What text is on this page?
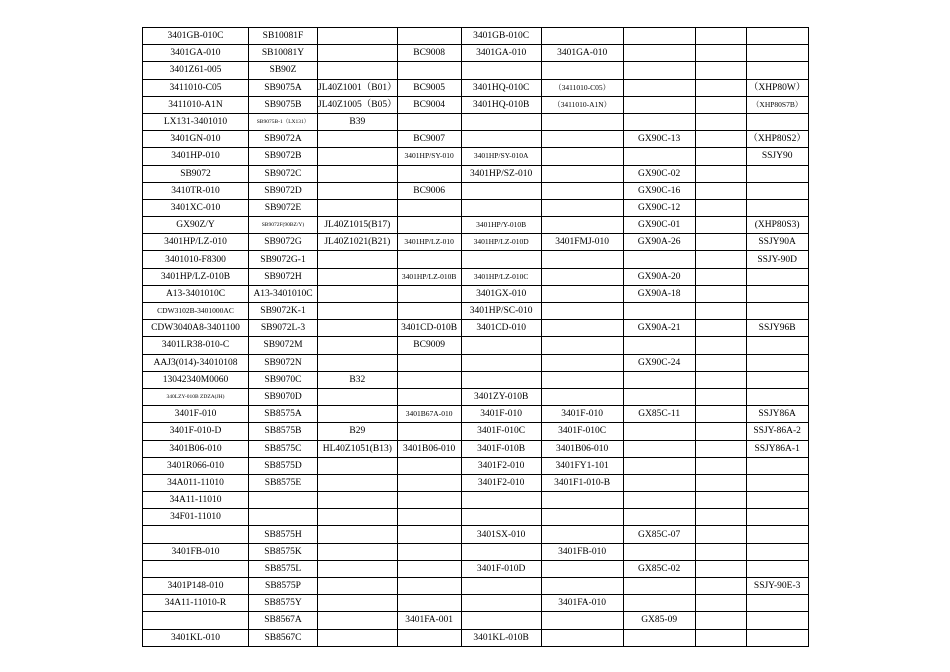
3401GB-010C	SB10081F			3401GB-010C				
3401GA-010	SB10081Y		BC9008	3401GA-010	3401GA-010			
3401Z61-005	SB90Z							
3411010-C05	SB9075A	JL40Z1001（B01）	BC9005	3401HQ-010C	（3411010-C05）			（XHP80W）
3411010-A1N	SB9075B	JL40Z1005（B05）	BC9004	3401HQ-010B	（3411010-A1N）			（XHP80S7B）
LX131-3401010	SB9075B-1（LX131）	B39						
3401GN-010	SB9072A		BC9007			GX90C-13		（XHP80S2）
3401HP-010	SB9072B		3401HP/SY-010	3401HP/SY-010A				SSJY90
SB9072	SB9072C			3401HP/SZ-010		GX90C-02		
3410TR-010	SB9072D		BC9006			GX90C-16		
3401XC-010	SB9072E					GX90C-12		
GX90Z/Y	SB9072F(90BZ/Y)	JL40Z1015(B17)		3401HP/Y-010B		GX90C-01		(XHP80S3)
3401HP/LZ-010	SB9072G	JL40Z1021(B21)	3401HP/LZ-010	3401HP/LZ-010D	3401FMJ-010	GX90A-26		SSJY90A
3401010-F8300	SB9072G-1							SSJY-90D
3401HP/LZ-010B	SB9072H		3401HP/LZ-010B	3401HP/LZ-010C		GX90A-20		
A13-3401010C	A13-3401010C			3401GX-010		GX90A-18		
CDW3102B-3401000AC	SB9072K-1			3401HP/SC-010				
CDW3040A8-3401100	SB9072L-3		3401CD-010B	3401CD-010		GX90A-21		SSJY96B
3401LR38-010-C	SB9072M		BC9009					
AAJ3(014)-34010108	SB9072N					GX90C-24		
13042340M0060	SB9070C	B32						
340LZY-010B ZDZA(JH)	SB9070D			3401ZY-010B				
3401F-010	SB8575A		3401B67A-010	3401F-010	3401F-010	GX85C-11		SSJY86A
3401F-010-D	SB8575B	B29		3401F-010C	3401F-010C			SSJY-86A-2
3401B06-010	SB8575C	HL40Z1051(B13)	3401B06-010	3401F-010B	3401B06-010			SSJY86A-1
3401R066-010	SB8575D			3401F2-010	3401FY1-101			
34A011-11010	SB8575E			3401F2-010	3401F1-010-B			
34A11-11010								
34F01-11010								
	SB8575H			3401SX-010		GX85C-07		
3401FB-010	SB8575K				3401FB-010			
	SB8575L			3401F-010D		GX85C-02		
3401P148-010	SB8575P							SSJY-90E-3
34A11-11010-R	SB8575Y				3401FA-010			
	SB8567A		3401FA-001			GX85-09		
3401KL-010	SB8567C			3401KL-010B				
